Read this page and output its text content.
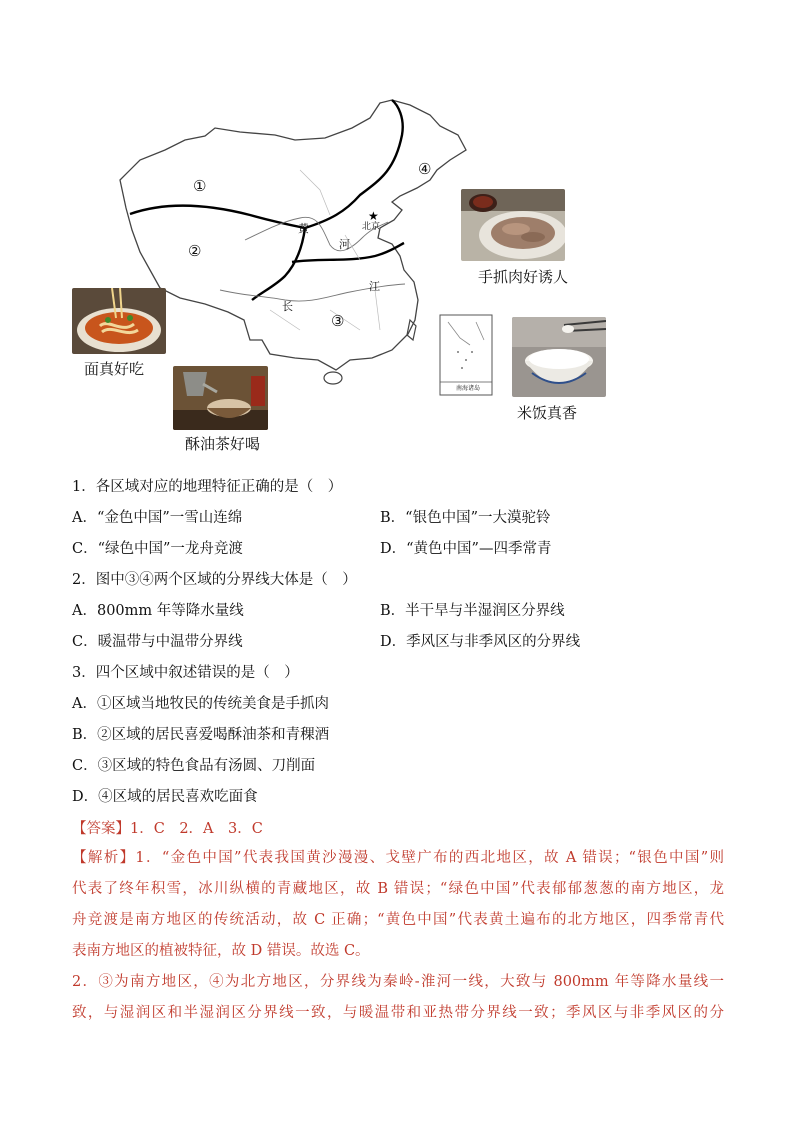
★
①
②
③
④
黄
河
长
江
北京
南海诸岛
手抓肉好诱人
面真好吃
酥油茶好喝
米饭真香
1．各区域对应的地理特征正确的是（　）
A．“金色中国”一雪山连绵	B．“银色中国”一大漠驼铃
C．“绿色中国”一龙舟竞渡	D．“黄色中国”—四季常青
2．图中③④两个区域的分界线大体是（　）
A．800mm 年等降水量线	B．半干旱与半湿润区分界线
C．暖温带与中温带分界线	D．季风区与非季风区的分界线
3．四个区域中叙述错误的是（　）
A．①区域当地牧民的传统美食是手抓肉
B．②区域的居民喜爱喝酥油茶和青稞酒
C．③区域的特色食品有汤圆、刀削面
D．④区域的居民喜欢吃面食
【答案】1．C　2．A　3．C

【解析】1．“金色中国”代表我国黄沙漫漫、戈壁广布的西北地区，故 A 错误；“银色中国”则

代表了终年积雪，冰川纵横的青藏地区，故 B 错误；“绿色中国”代表郁郁葱葱的南方地区，龙

舟竞渡是南方地区的传统活动，故 C 正确；“黄色中国”代表黄土遍布的北方地区，四季常青代

表南方地区的植被特征，故 D 错误。故选 C。

2．③为南方地区，④为北方地区，分界线为秦岭-淮河一线，大致与 800mm 年等降水量线一

致，与湿润区和半湿润区分界线一致，与暖温带和亚热带分界线一致；季风区与非季风区的分
